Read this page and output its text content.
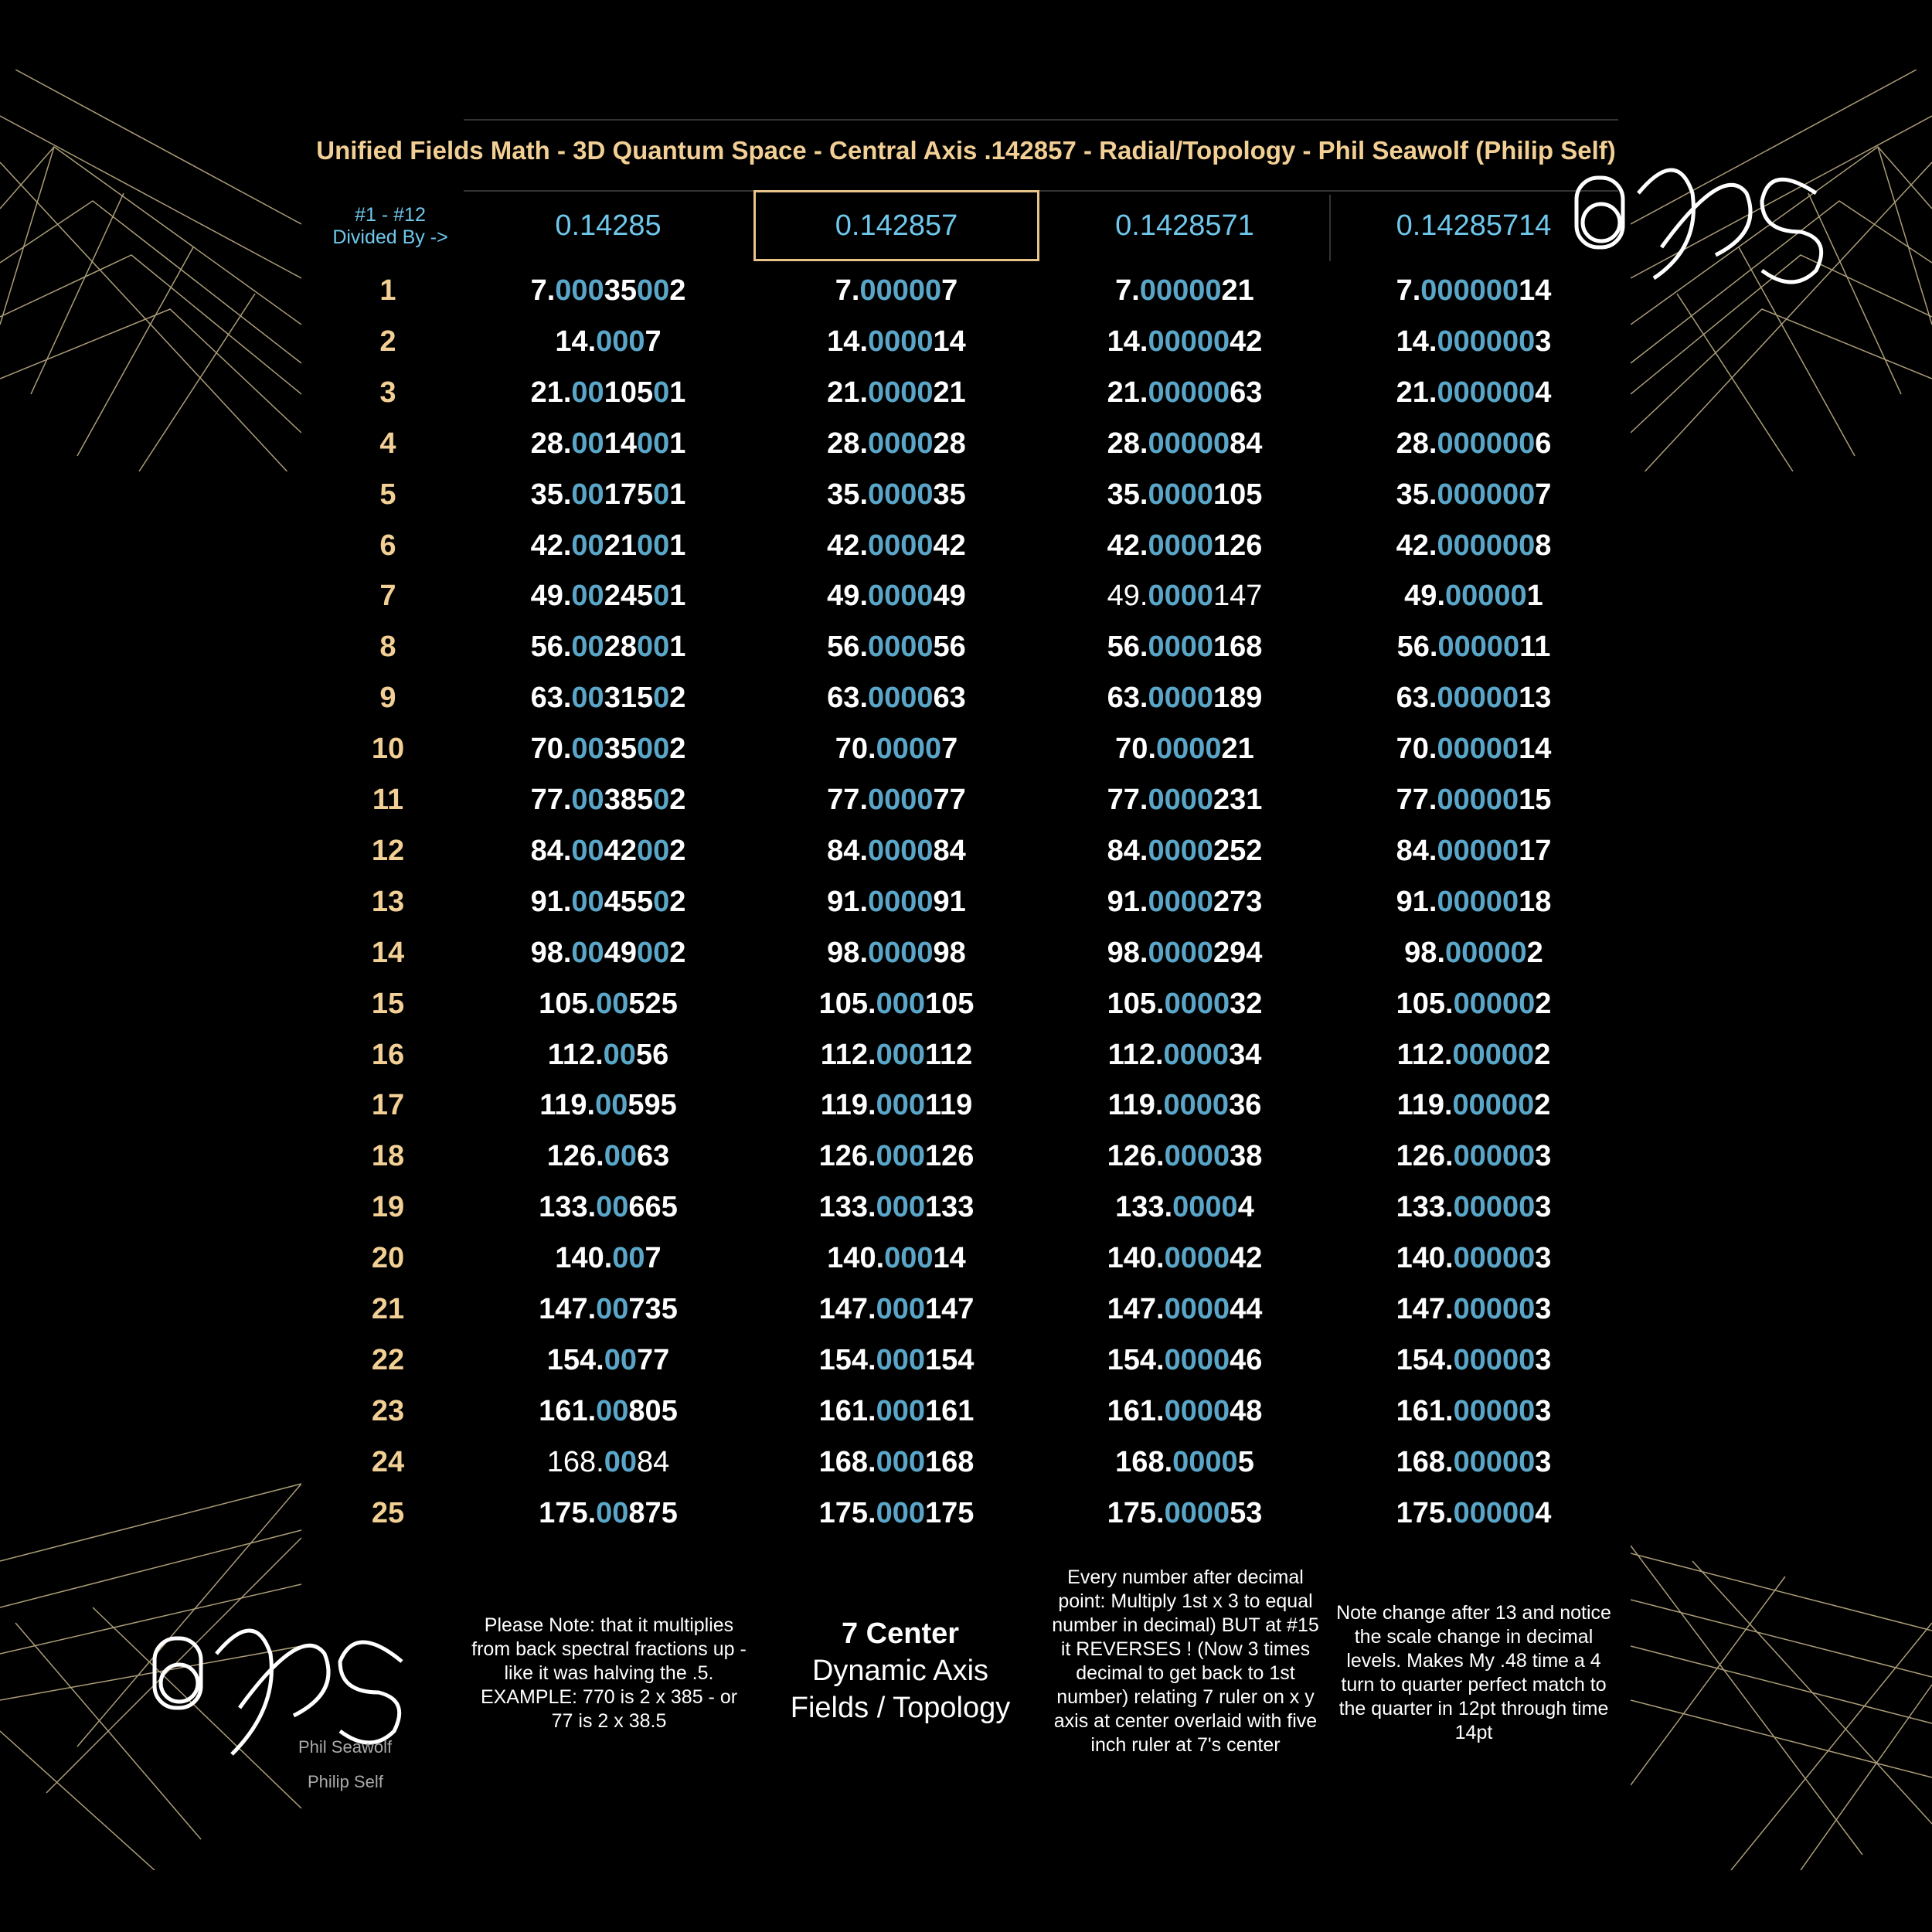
Unified Fields Math - 3D Quantum Space - Central Axis .142857 - Radial/Topology - Phil Seawolf (Philip Self)
#1 - #12
Divided By ->	0.14285	0.142857	0.1428571	0.14285714
1	7.00035002	7.000007	7.0000021	7.00000014
2	14.0007	14.000014	14.0000042	14.0000003
3	21.0010501	21.000021	21.0000063	21.0000004
4	28.0014001	28.000028	28.0000084	28.0000006
5	35.0017501	35.000035	35.0000105	35.0000007
6	42.0021001	42.000042	42.0000126	42.0000008
7	49.0024501	49.000049	49.0000147	49.000001
8	56.0028001	56.000056	56.0000168	56.0000011
9	63.0031502	63.000063	63.0000189	63.0000013
10	70.0035002	70.00007	70.000021	70.0000014
11	77.0038502	77.000077	77.0000231	77.0000015
12	84.0042002	84.000084	84.0000252	84.0000017
13	91.0045502	91.000091	91.0000273	91.0000018
14	98.0049002	98.000098	98.0000294	98.000002
15	105.00525	105.000105	105.000032	105.000002
16	112.0056	112.000112	112.000034	112.000002
17	119.00595	119.000119	119.000036	119.000002
18	126.0063	126.000126	126.000038	126.000003
19	133.00665	133.000133	133.00004	133.000003
20	140.007	140.00014	140.000042	140.000003
21	147.00735	147.000147	147.000044	147.000003
22	154.0077	154.000154	154.000046	154.000003
23	161.00805	161.000161	161.000048	161.000003
24	168.0084	168.000168	168.00005	168.000003
25	175.00875	175.000175	175.000053	175.000004
Phil Seawolf
Philip Self
Please Note: that it multiplies from back spectral fractions up - like it was halving the .5. EXAMPLE: 770 is 2 x 385 - or 77 is 2 x 38.5
7 Center
Dynamic Axis
Fields / Topology
Every number after decimal point: Multiply 1st x 3 to equal number in decimal) BUT at #15 it REVERSES ! (Now 3 times decimal to get back to 1st number) relating 7 ruler on x y axis at center overlaid with five inch ruler at 7's center
Note change after 13 and notice the scale change in decimal levels. Makes My .48 time a 4 turn to quarter perfect match to the quarter in 12pt through time 14pt
